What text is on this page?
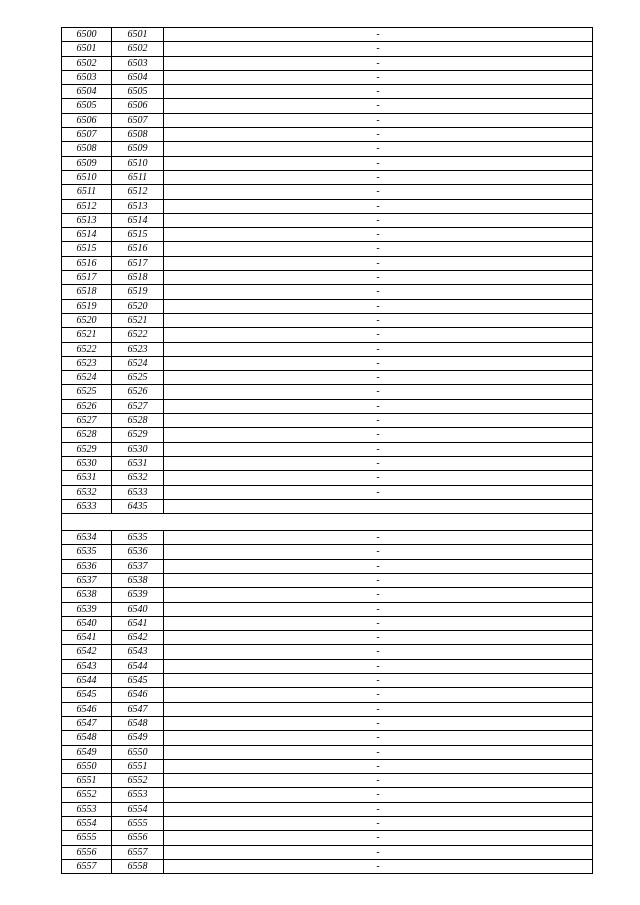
6500	6501	-
6501	6502	-
6502	6503	-
6503	6504	-
6504	6505	-
6505	6506	-
6506	6507	-
6507	6508	-
6508	6509	-
6509	6510	-
6510	6511	-
6511	6512	-
6512	6513	-
6513	6514	-
6514	6515	-
6515	6516	-
6516	6517	-
6517	6518	-
6518	6519	-
6519	6520	-
6520	6521	-
6521	6522	-
6522	6523	-
6523	6524	-
6524	6525	-
6525	6526	-
6526	6527	-
6527	6528	-
6528	6529	-
6529	6530	-
6530	6531	-
6531	6532	-
6532	6533	-
6533	6435	

6534	6535	-
6535	6536	-
6536	6537	-
6537	6538	-
6538	6539	-
6539	6540	-
6540	6541	-
6541	6542	-
6542	6543	-
6543	6544	-
6544	6545	-
6545	6546	-
6546	6547	-
6547	6548	-
6548	6549	-
6549	6550	-
6550	6551	-
6551	6552	-
6552	6553	-
6553	6554	-
6554	6555	-
6555	6556	-
6556	6557	-
6557	6558	-
